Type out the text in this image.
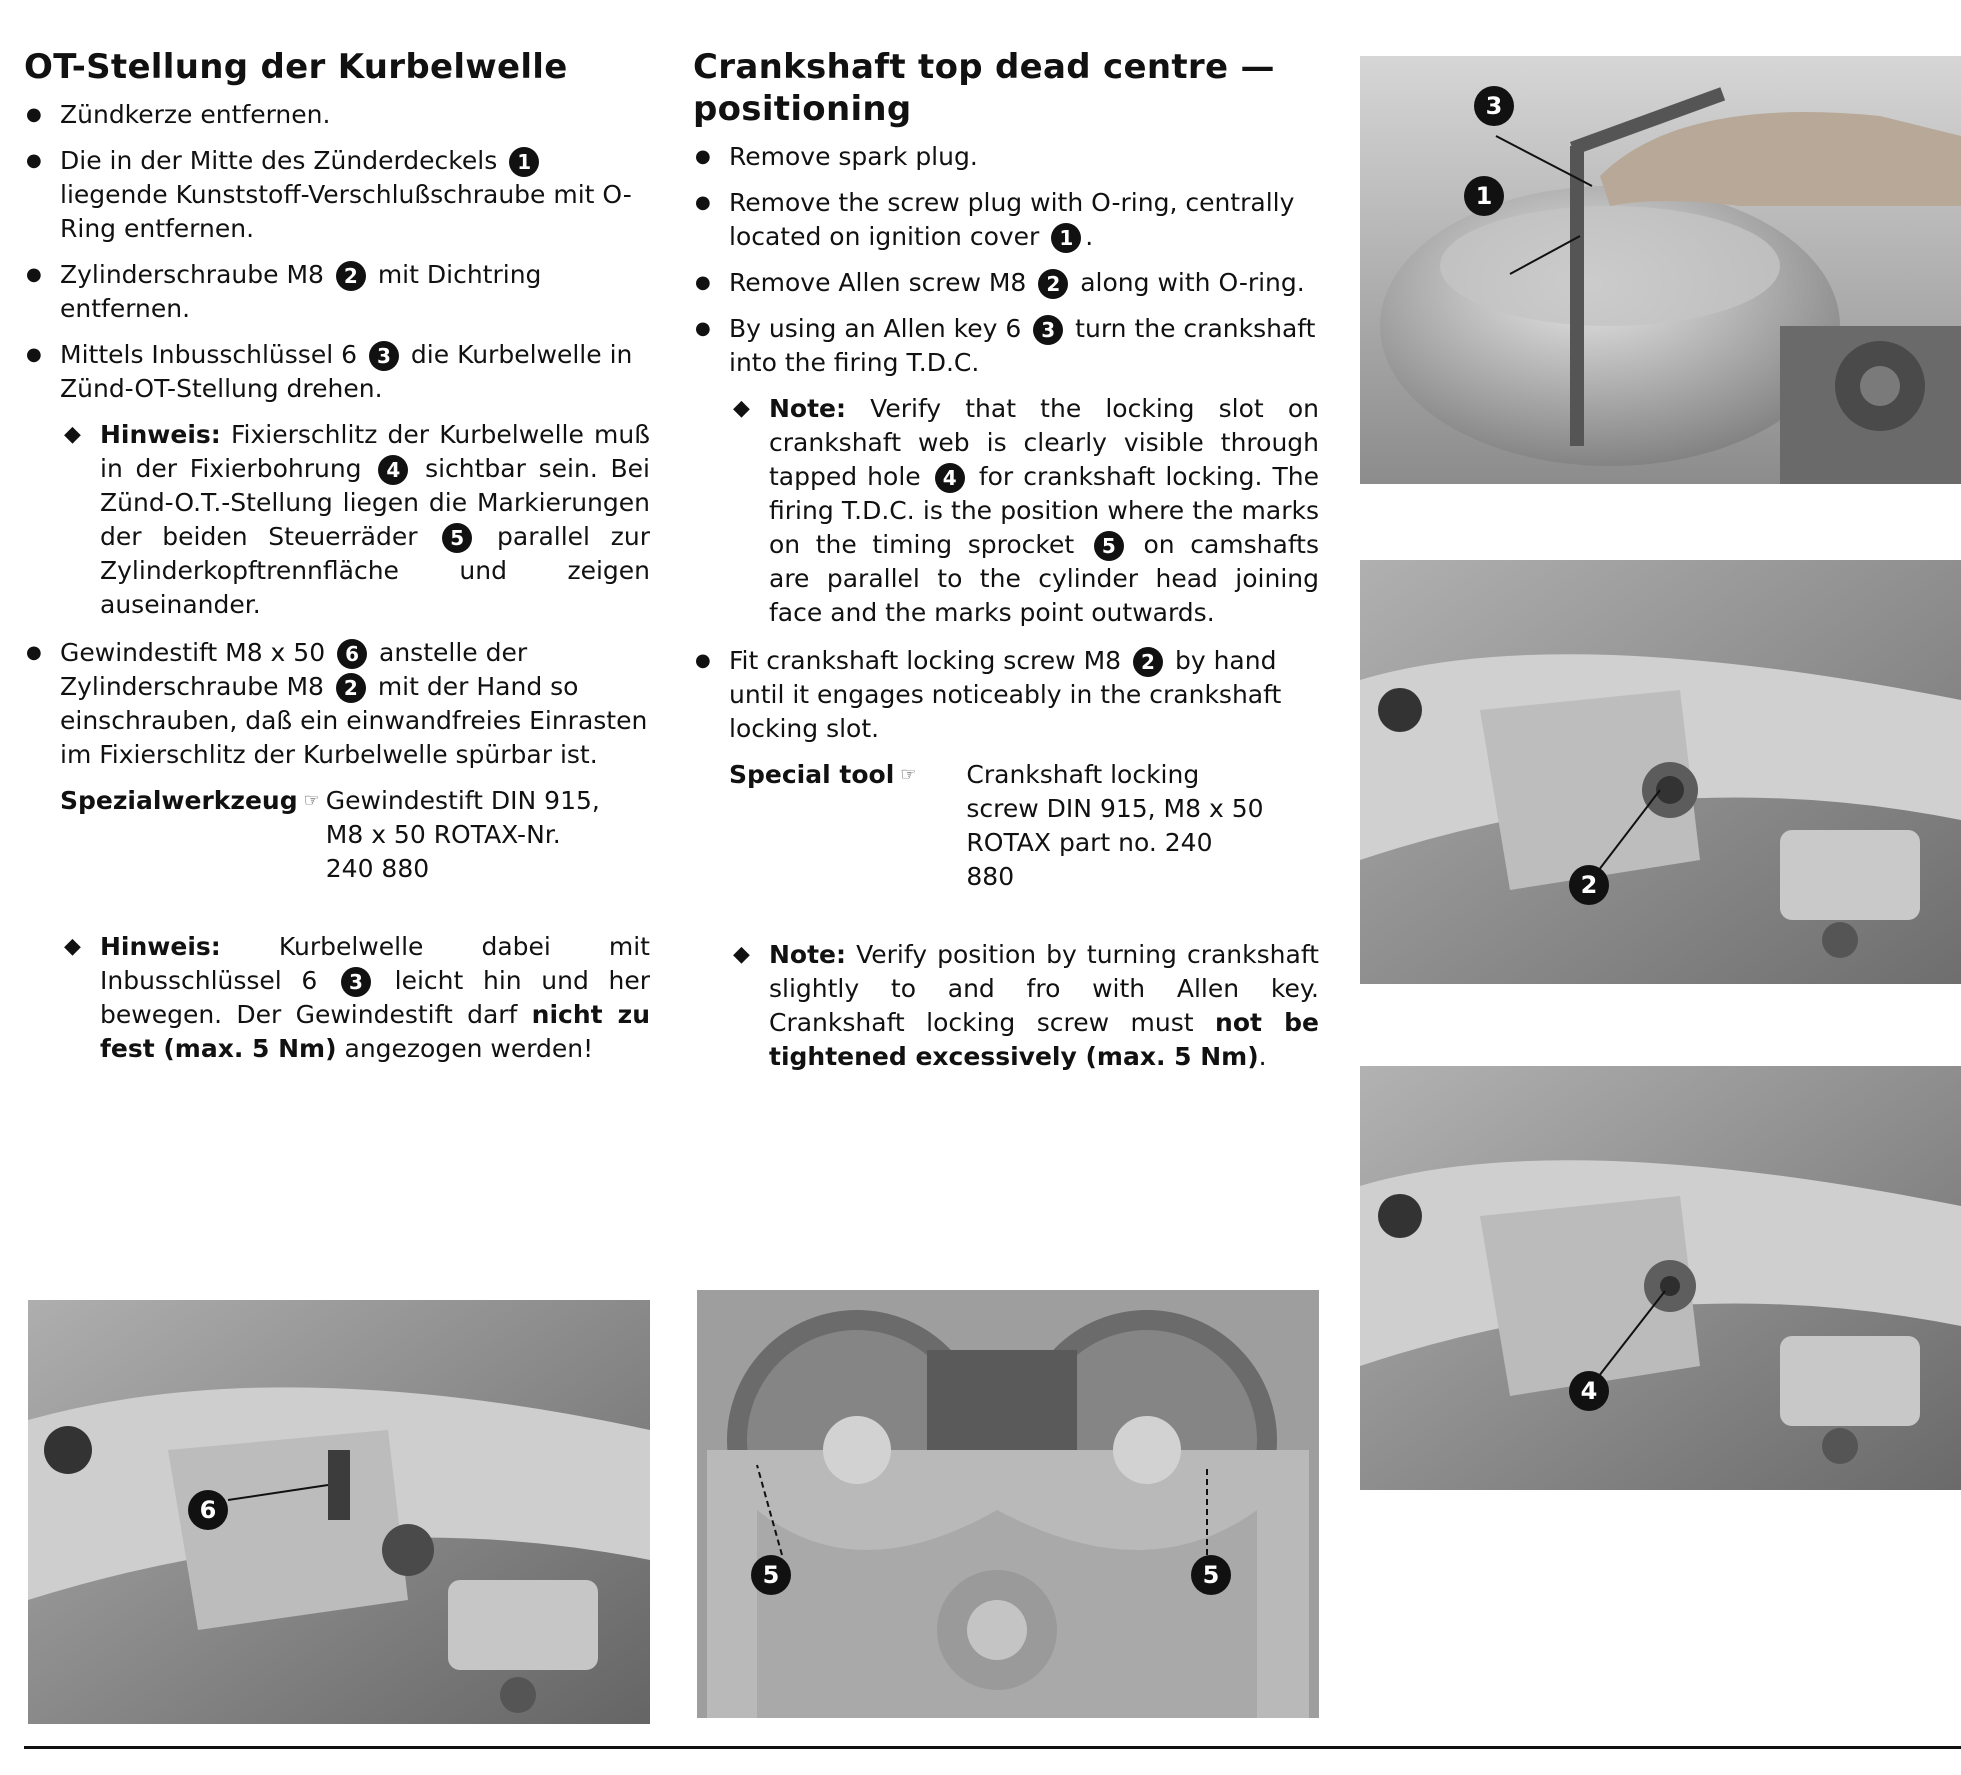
OT-Stellung der Kurbelwelle
● Zündkerze entfernen.
● Die in der Mitte des Zünderdeckels 1 liegende Kunststoff-Verschlußschraube mit O-Ring entfernen.
● Zylinderschraube M8 2 mit Dichtring entfernen.
● Mittels Inbusschlüssel 6 3 die Kurbelwelle in Zünd-OT-Stellung drehen.
◆ Hinweis: Fixierschlitz der Kurbelwelle muß in der Fixierbohrung 4 sichtbar sein. Bei Zünd-O.T.-Stellung liegen die Markierungen der beiden Steuerräder 5 parallel zur Zylinderkopftrennfläche und zeigen auseinander.
● Gewindestift M8 x 50 6 anstelle der Zylinderschraube M8 2 mit der Hand so einschrauben, daß ein einwandfreies Einrasten im Fixierschlitz der Kurbelwelle spürbar ist.
Spezialwerkzeug ☞ Gewindestift DIN 915,
M8 x 50 ROTAX-Nr.
240 880
◆ Hinweis: Kurbelwelle dabei mit Inbusschlüssel 6 3 leicht hin und her bewegen. Der Gewindestift darf nicht zu fest (max. 5 Nm) angezogen werden!
Crankshaft top dead centre — positioning
● Remove spark plug.
● Remove the screw plug with O-ring, centrally located on ignition cover 1 .
● Remove Allen screw M8 2 along with O-ring.
● By using an Allen key 6 3 turn the crankshaft into the firing T.D.C.
◆ Note: Verify that the locking slot on crankshaft web is clearly visible through tapped hole 4 for crankshaft locking. The firing T.D.C. is the position where the marks on the timing sprocket 5 on camshafts are parallel to the cylinder head joining face and the marks point outwards.
● Fit crankshaft locking screw M8 2 by hand until it engages noticeably in the crankshaft locking slot.
Special tool ☞ Crankshaft locking
screw DIN 915, M8 x 50
ROTAX part no. 240
880
◆ Note: Verify position by turning crankshaft slightly to and fro with Allen key. Crankshaft locking screw must not be tightened excessively (max. 5 Nm).
1
3
2
4
6
5	5
